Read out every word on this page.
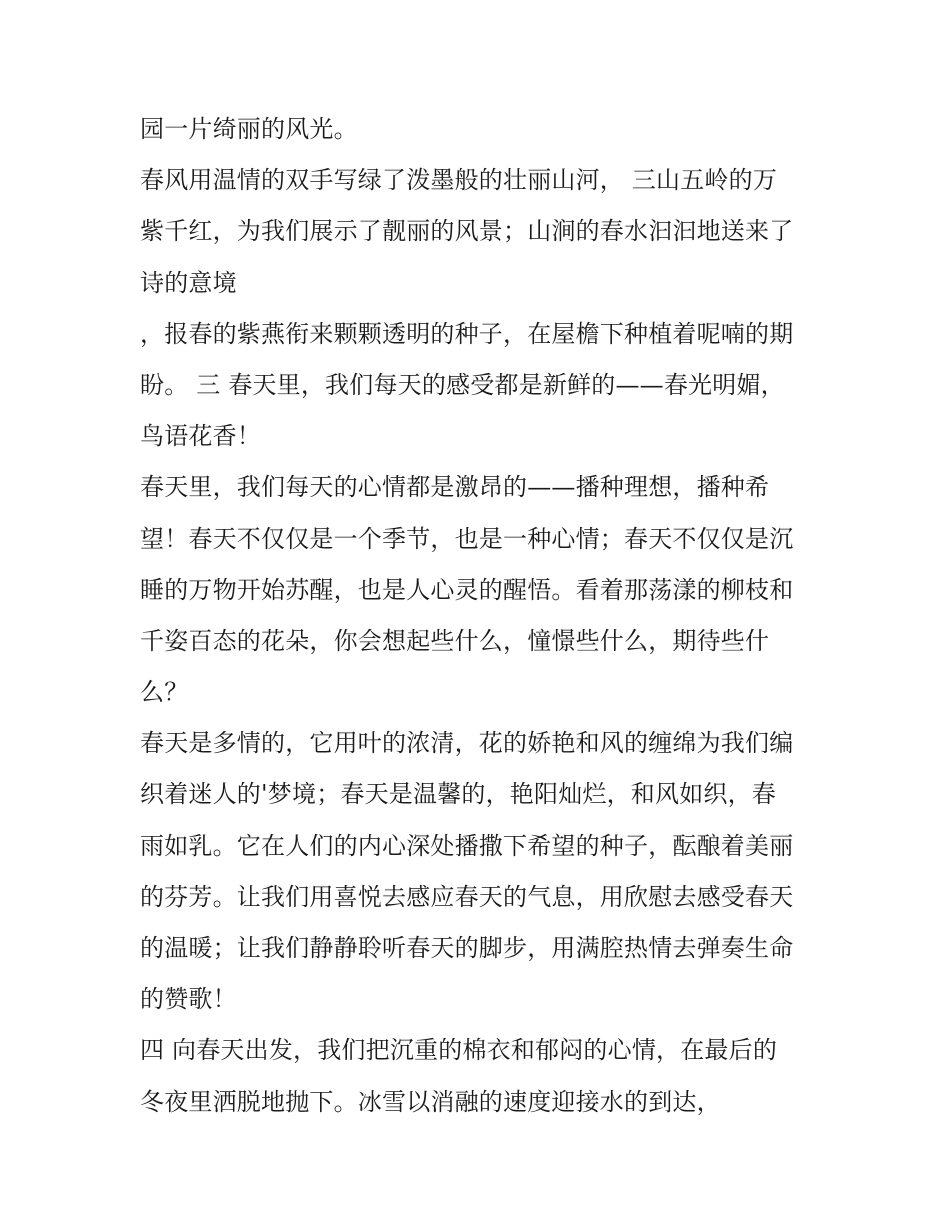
园一片绮丽的风光。
春风用温情的双手写绿了泼墨般的壮丽山河， 三山五岭的万
紫千红，为我们展示了靓丽的风景；山涧的春水汩汩地送来了
诗的意境
，报春的紫燕衔来颗颗透明的种子，在屋檐下种植着呢喃的期
盼。 三 春天里，我们每天的感受都是新鲜的——春光明媚，
鸟语花香！
春天里，我们每天的心情都是激昂的——播种理想，播种希
望！春天不仅仅是一个季节，也是一种心情；春天不仅仅是沉
睡的万物开始苏醒，也是人心灵的醒悟。看着那荡漾的柳枝和
千姿百态的花朵，你会想起些什么，憧憬些什么，期待些什
么？
春天是多情的，它用叶的浓清，花的娇艳和风的缠绵为我们编
织着迷人的'梦境；春天是温馨的，艳阳灿烂，和风如织，春
雨如乳。它在人们的内心深处播撒下希望的种子，酝酿着美丽
的芬芳。让我们用喜悦去感应春天的气息，用欣慰去感受春天
的温暖；让我们静静聆听春天的脚步，用满腔热情去弹奏生命
的赞歌！
四 向春天出发，我们把沉重的棉衣和郁闷的心情，在最后的
冬夜里洒脱地抛下。冰雪以消融的速度迎接水的到达，
